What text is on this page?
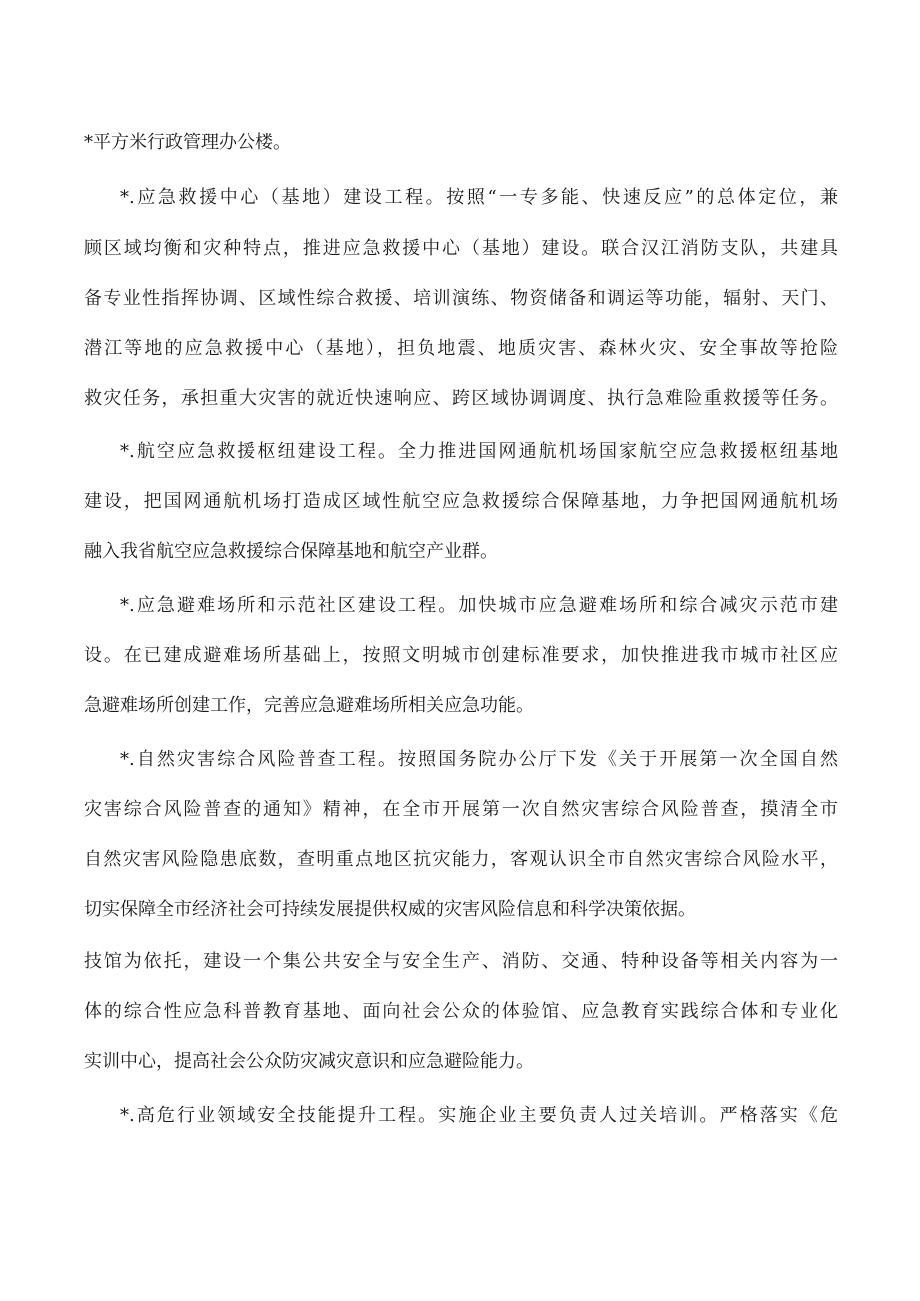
*平方米行政管理办公楼。

*.应急救援中心（基地）建设工程。按照“一专多能、快速反应”的总体定位，兼

顾区域均衡和灾种特点，推进应急救援中心（基地）建设。联合汉江消防支队，共建具

备专业性指挥协调、区域性综合救援、培训演练、物资储备和调运等功能，辐射、天门、

潜江等地的应急救援中心（基地），担负地震、地质灾害、森林火灾、安全事故等抢险

救灾任务，承担重大灾害的就近快速响应、跨区域协调调度、执行急难险重救援等任务。

*.航空应急救援枢纽建设工程。全力推进国网通航机场国家航空应急救援枢纽基地

建设，把国网通航机场打造成区域性航空应急救援综合保障基地，力争把国网通航机场

融入我省航空应急救援综合保障基地和航空产业群。

*.应急避难场所和示范社区建设工程。加快城市应急避难场所和综合减灾示范市建

设。在已建成避难场所基础上，按照文明城市创建标准要求，加快推进我市城市社区应

急避难场所创建工作，完善应急避难场所相关应急功能。

*.自然灾害综合风险普查工程。按照国务院办公厅下发《关于开展第一次全国自然

灾害综合风险普查的通知》精神，在全市开展第一次自然灾害综合风险普查，摸清全市

自然灾害风险隐患底数，查明重点地区抗灾能力，客观认识全市自然灾害综合风险水平，

切实保障全市经济社会可持续发展提供权威的灾害风险信息和科学决策依据。

技馆为依托，建设一个集公共安全与安全生产、消防、交通、特种设备等相关内容为一

体的综合性应急科普教育基地、面向社会公众的体验馆、应急教育实践综合体和专业化

实训中心，提高社会公众防灾减灾意识和应急避险能力。

*.高危行业领域安全技能提升工程。实施企业主要负责人过关培训。严格落实《危
